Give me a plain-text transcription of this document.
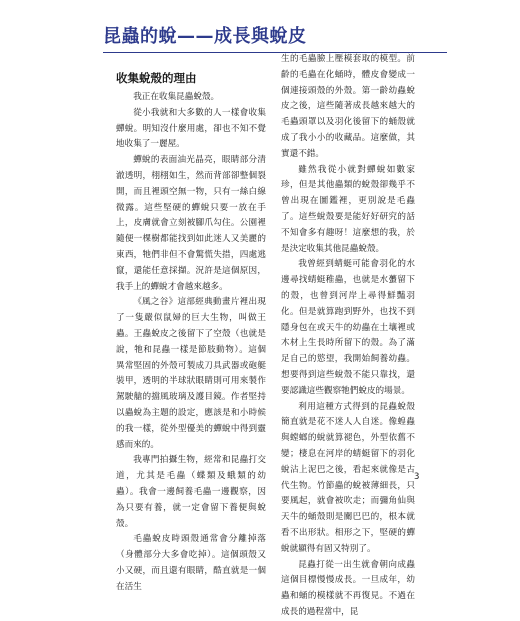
昆蟲的蛻——成長與蛻皮
收集蛻殼的理由

我正在收集昆蟲蛻殼。

從小我就和大多數的人一樣會收集蟬蛻。明知沒什麼用處，卻也不知不覺地收集了一麗屋。

蟬蛻的表面油光晶亮，眼睛部分清澈透明，栩栩如生，然而背部卻整個裂開，而且裡頭空無一物，只有一絲白線微露。這些堅硬的蟬蛻只要一放在手上，皮膚就會立刻被腳爪勾住。公園裡隨便一棵樹都能找到如此迷人又美麗的東西，牠們非但不會驚慌失措，四處逃竄，還能任意採擷。況許是這個原因，我手上的蟬蛻才會越來越多。

《風之谷》這部經典動畫片裡出現了一隻嚴似鼠婦的巨大生物，叫做王蟲。王蟲蛻皮之後留下了空殼（也就是說，牠和昆蟲一樣是節肢動物）。這個異常堅固的外殼可製成刀具武器或砲艇裝甲，透明的半球狀眼睛則可用來製作駕駛艙的擋風玻璃及護目鏡。作者堅持以蟲蛻為主題的設定，應該是和小時候的我一樣，從外型優美的蟬蛻中得到靈感而來的。

我專門拍攝生物，經常和昆蟲打交道，尤其是毛蟲（蝶類及蛾類的幼蟲）。我會一邊飼養毛蟲一邊觀察，因為只要有養，就一定會留下養便與蛻殼。

毛蟲蛻皮時頭殼通常會分離掉落（身體部分大多會吃掉）。這個頭殼又小又硬，而且還有眼睛，酷直就是一個在活生

生的毛蟲臉上壓模套取的模型。前齡的毛蟲在化蛹時，體皮會變成一個連接頭殼的外殼。第一齡幼蟲蛻皮之後，這些隨著成長越來越大的毛蟲頭罩以及羽化後留下的蛹殼就成了我小小的收藏品。這麼做，其實還不錯。

雖然我從小就對蟬蛻如數家珍，但是其他蟲類的蛻殼卻幾乎不曾出現在圖鑑裡，更別說是毛蟲了。這些蛻殼要是能好好研究的話不知會多有趣呀！這麼想的我，於是決定收集其他昆蟲蛻殼。

我曾經到蜻蜓可能會羽化的水邊尋找蜻蜓稚蟲，也就是水蠆留下的殼，也曾到河岸上尋得鮮豔羽化。但是就算跑到野外，也找不到隱身包在或天牛的幼蟲在土壤裡或木材上生長時所留下的殼。為了滿足自己的慾望，我開始飼養幼蟲。想要得到這些蛻殼不能只靠找，還要認識這些觀察牠們蛻皮的場景。

利用這種方式得到的昆蟲蛻殼簡直就是花不迷人人自迷。像蝗蟲與螳螂的蛻就算褪色，外型依舊不變；棲息在河岸的蜻蜓留下的羽化蛻沾上泥巴之後，看起來就像是古代生物。竹節蟲的蛻被薄細長，只要風起，就會被吹走；而彌角仙與天牛的蛹殼則是關巴巴的，根本就看不出形狀。相形之下，堅硬的蟬蛻就顯得有固又特別了。

昆蟲打從一出生就會朝向成蟲這個目標慢慢成長。一旦成年，幼蟲和蛹的模樣就不再復見。不過在成長的過程當中，昆

3
